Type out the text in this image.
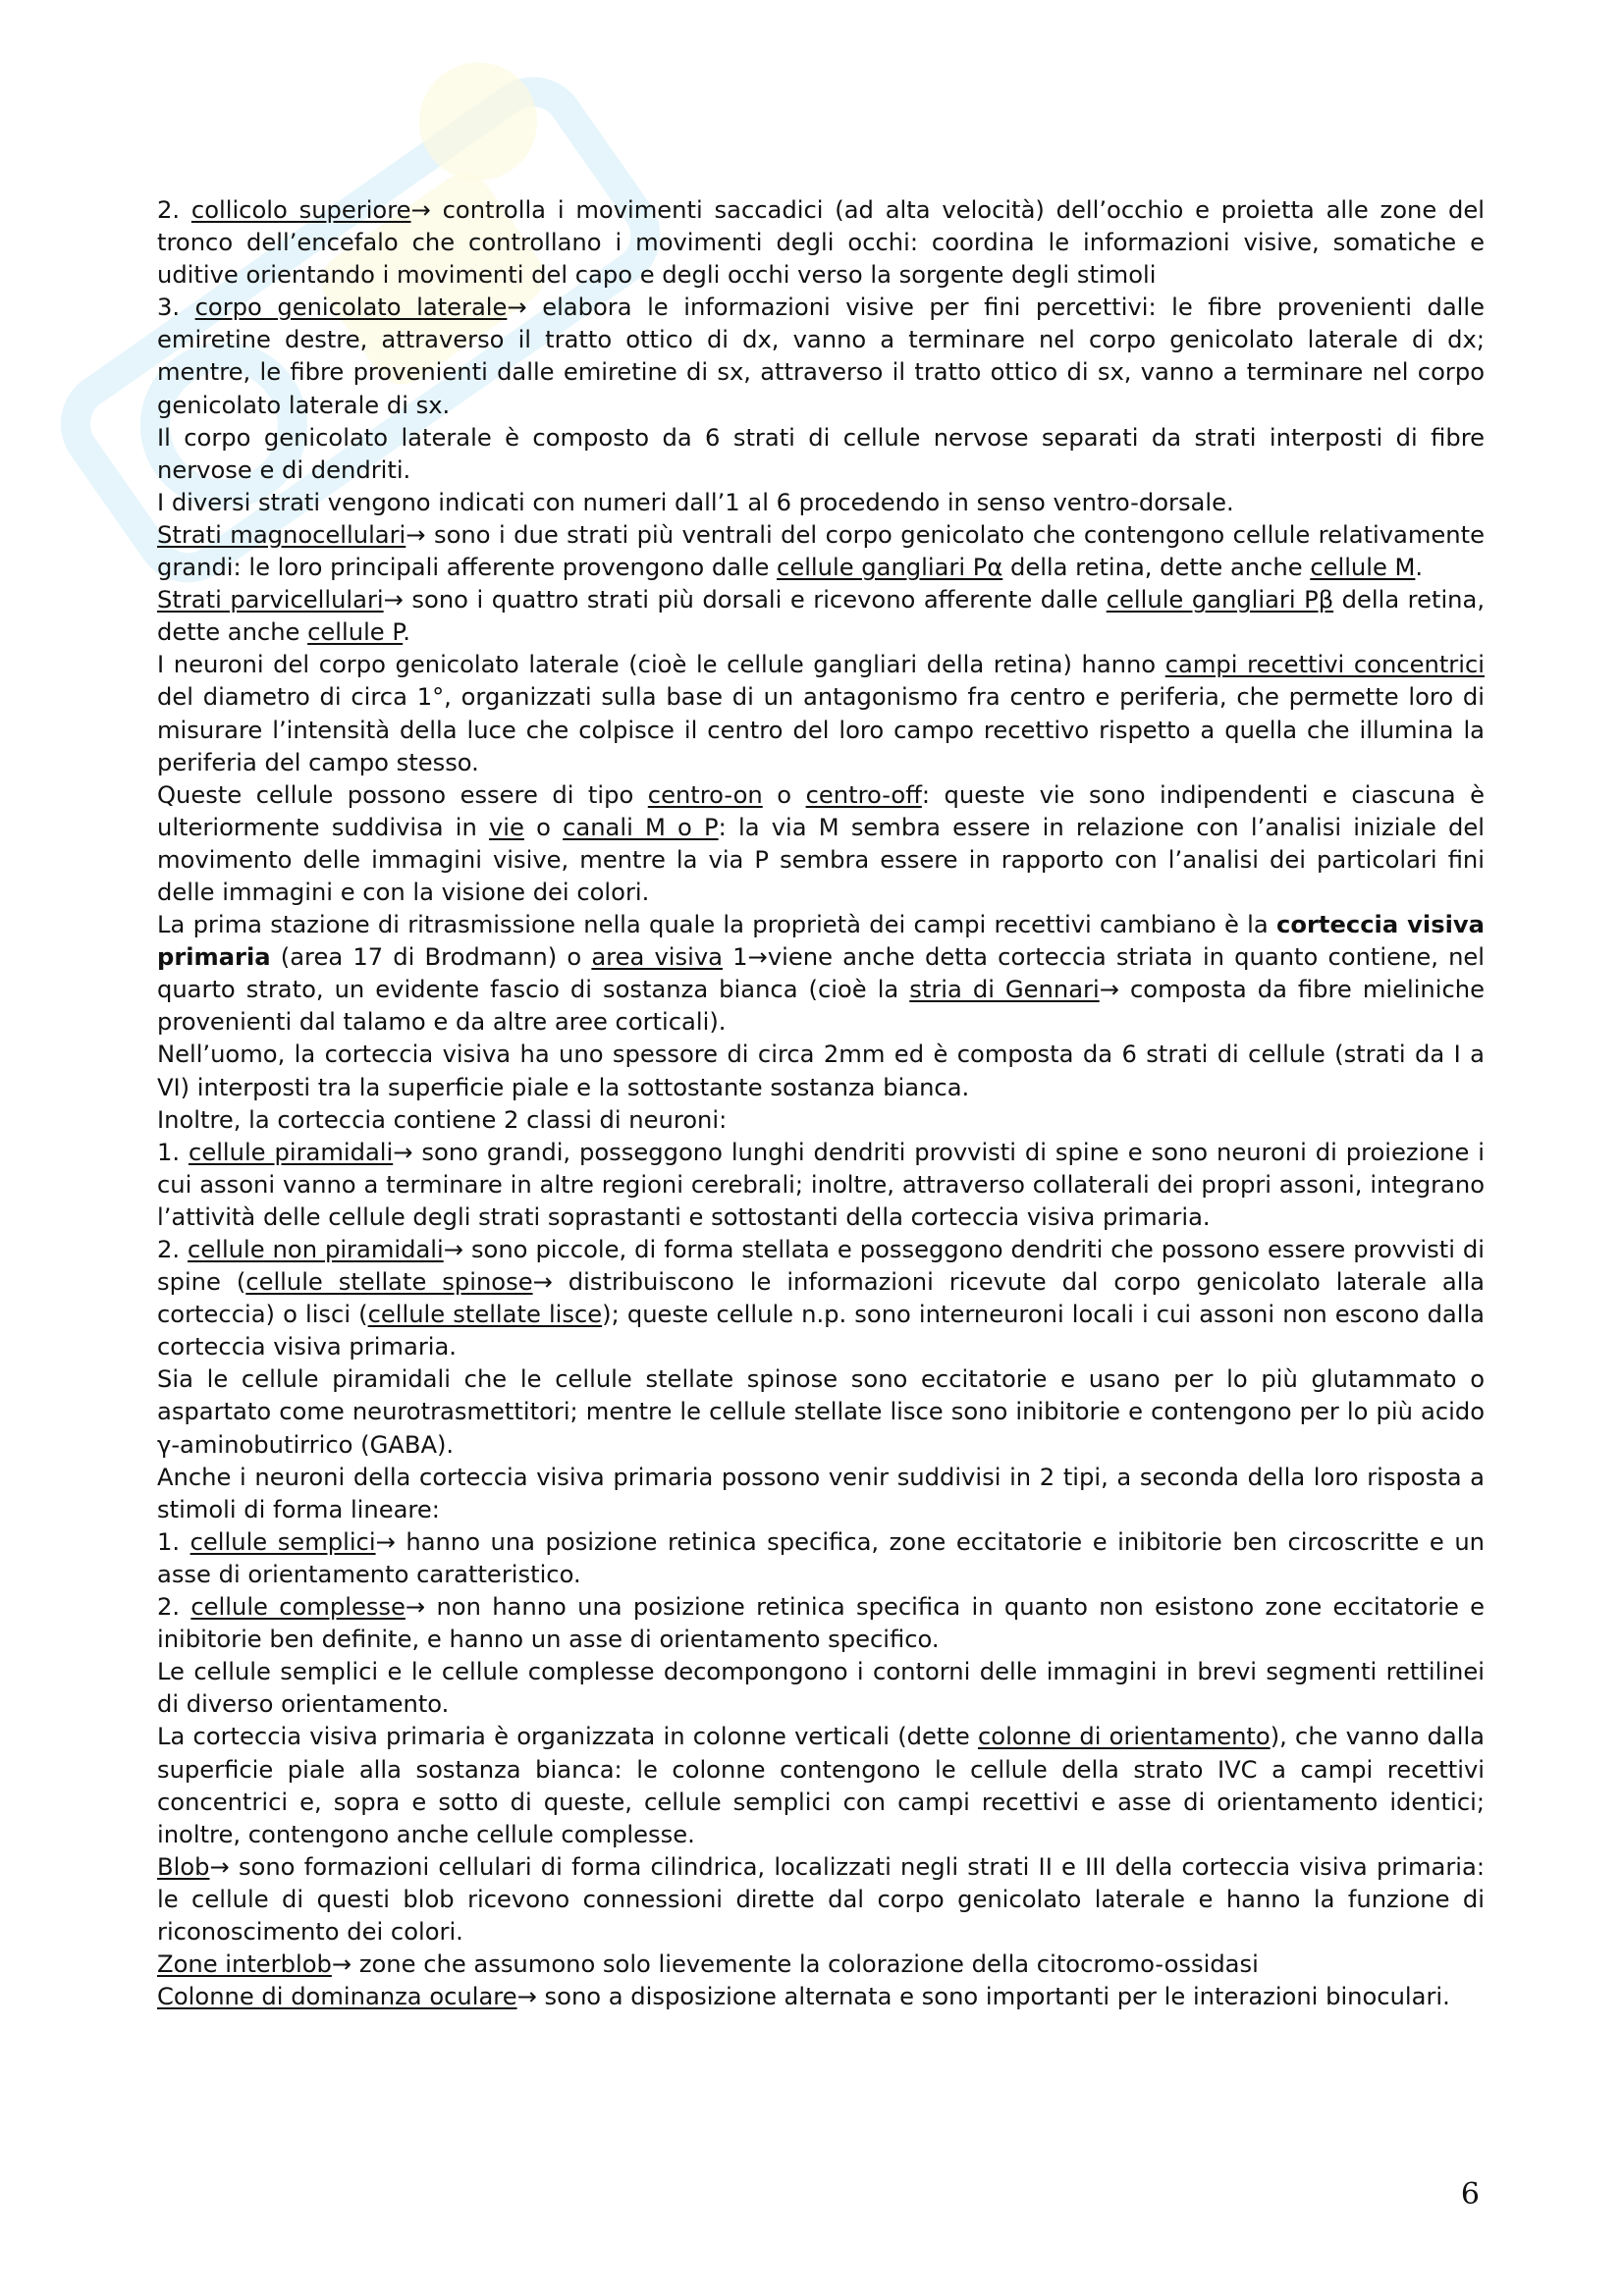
2. collicolo superiore→ controlla i movimenti saccadici (ad alta velocità) dell’occhio e proietta alle zone del tronco dell’encefalo che controllano i movimenti degli occhi: coordina le informazioni visive, somatiche e uditive orientando i movimenti del capo e degli occhi verso la sorgente degli stimoli

3. corpo genicolato laterale→ elabora le informazioni visive per fini percettivi: le fibre provenienti dalle emiretine destre, attraverso il tratto ottico di dx, vanno a terminare nel corpo genicolato laterale di dx; mentre, le fibre provenienti dalle emiretine di sx, attraverso il tratto ottico di sx, vanno a terminare nel corpo genicolato laterale di sx.

Il corpo genicolato laterale è composto da 6 strati di cellule nervose separati da strati interposti di fibre nervose e di dendriti.

I diversi strati vengono indicati con numeri dall’1 al 6 procedendo in senso ventro-dorsale.

Strati magnocellulari→ sono i due strati più ventrali del corpo genicolato che contengono cellule relativamente grandi: le loro principali afferente provengono dalle cellule gangliari Pα della retina, dette anche cellule M.

Strati parvicellulari→ sono i quattro strati più dorsali e ricevono afferente dalle cellule gangliari Pβ della retina, dette anche cellule P.

I neuroni del corpo genicolato laterale (cioè le cellule gangliari della retina) hanno campi recettivi concentrici del diametro di circa 1°, organizzati sulla base di un antagonismo fra centro e periferia, che permette loro di misurare l’intensità della luce che colpisce il centro del loro campo recettivo rispetto a quella che illumina la periferia del campo stesso.

Queste cellule possono essere di tipo centro-on o centro-off: queste vie sono indipendenti e ciascuna è ulteriormente suddivisa in vie o canali M o P: la via M sembra essere in relazione con l’analisi iniziale del movimento delle immagini visive, mentre la via P sembra essere in rapporto con l’analisi dei particolari fini delle immagini e con la visione dei colori.

La prima stazione di ritrasmissione nella quale la proprietà dei campi recettivi cambiano è la corteccia visiva primaria (area 17 di Brodmann) o area visiva 1→viene anche detta corteccia striata in quanto contiene, nel quarto strato, un evidente fascio di sostanza bianca (cioè la stria di Gennari→ composta da fibre mieliniche provenienti dal talamo e da altre aree corticali).

Nell’uomo, la corteccia visiva ha uno spessore di circa 2mm ed è composta da 6 strati di cellule (strati da I a VI) interposti tra la superficie piale e la sottostante sostanza bianca.

Inoltre, la corteccia contiene 2 classi di neuroni:

1. cellule piramidali→ sono grandi, posseggono lunghi dendriti provvisti di spine e sono neuroni di proiezione i cui assoni vanno a terminare in altre regioni cerebrali; inoltre, attraverso collaterali dei propri assoni, integrano l’attività delle cellule degli strati soprastanti e sottostanti della corteccia visiva primaria.

2. cellule non piramidali→ sono piccole, di forma stellata e posseggono dendriti che possono essere provvisti di spine (cellule stellate spinose→ distribuiscono le informazioni ricevute dal corpo genicolato laterale alla corteccia) o lisci (cellule stellate lisce); queste cellule n.p. sono interneuroni locali i cui assoni non escono dalla corteccia visiva primaria.

Sia le cellule piramidali che le cellule stellate spinose sono eccitatorie e usano per lo più glutammato o aspartato come neurotrasmettitori; mentre le cellule stellate lisce sono inibitorie e contengono per lo più acido γ-aminobutirrico (GABA).

Anche i neuroni della corteccia visiva primaria possono venir suddivisi in 2 tipi, a seconda della loro risposta a stimoli di forma lineare:

1. cellule semplici→ hanno una posizione retinica specifica, zone eccitatorie e inibitorie ben circoscritte e un asse di orientamento caratteristico.

2. cellule complesse→ non hanno una posizione retinica specifica in quanto non esistono zone eccitatorie e inibitorie ben definite, e hanno un asse di orientamento specifico.

Le cellule semplici e le cellule complesse decompongono i contorni delle immagini in brevi segmenti rettilinei di diverso orientamento.

La corteccia visiva primaria è organizzata in colonne verticali (dette colonne di orientamento), che vanno dalla superficie piale alla sostanza bianca: le colonne contengono le cellule della strato IVC a campi recettivi concentrici e, sopra e sotto di queste, cellule semplici con campi recettivi e asse di orientamento identici; inoltre, contengono anche cellule complesse.

Blob→ sono formazioni cellulari di forma cilindrica, localizzati negli strati II e III della corteccia visiva primaria: le cellule di questi blob ricevono connessioni dirette dal corpo genicolato laterale e hanno la funzione di riconoscimento dei colori.

Zone interblob→ zone che assumono solo lievemente la colorazione della citocromo-ossidasi

Colonne di dominanza oculare→ sono a disposizione alternata e sono importanti per le interazioni binoculari.

6
